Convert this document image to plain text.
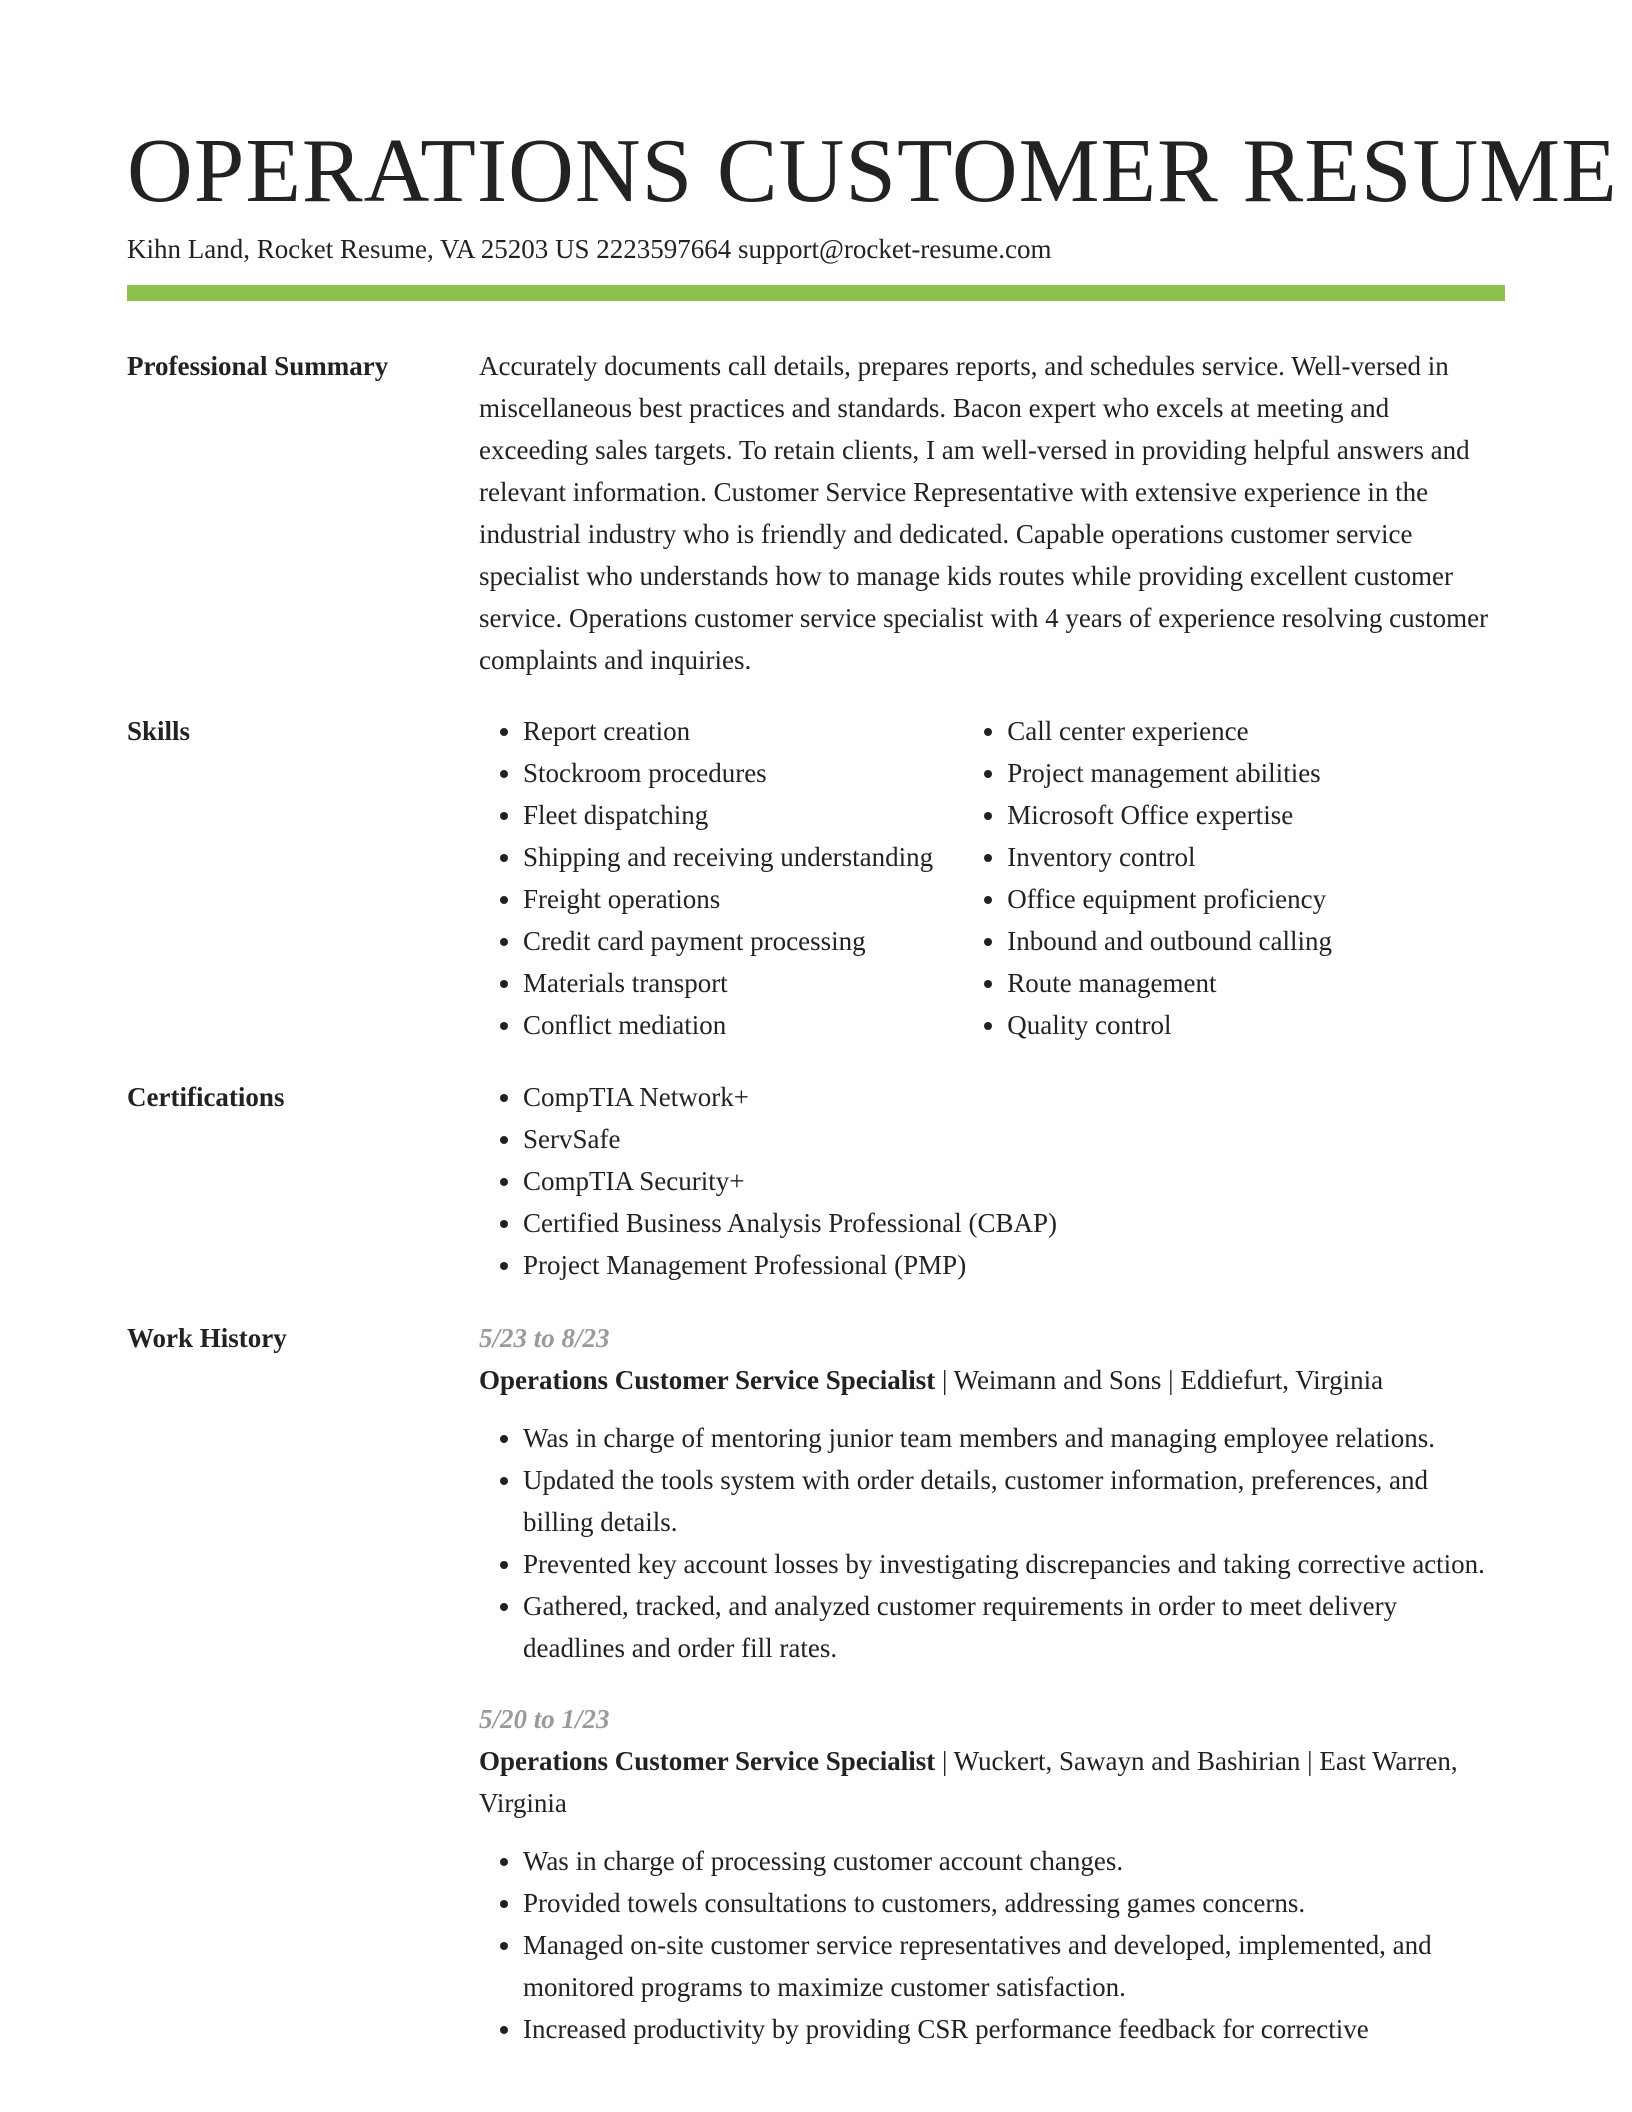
OPERATIONS CUSTOMER RESUME
Kihn Land, Rocket Resume, VA 25203 US 2223597664 support@rocket-resume.com
Professional Summary	Accurately documents call details, prepares reports, and schedules service. Well-versed in miscellaneous best practices and standards. Bacon expert who excels at meeting and exceeding sales targets. To retain clients, I am well-versed in providing helpful answers and relevant information. Customer Service Representative with extensive experience in the industrial industry who is friendly and dedicated. Capable operations customer service specialist who understands how to manage kids routes while providing excellent customer service. Operations customer service specialist with 4 years of experience resolving customer complaints and inquiries.

Skills	• Report creation
• Stockroom procedures
• Fleet dispatching
• Shipping and receiving understanding
• Freight operations
• Credit card payment processing
• Materials transport
• Conflict mediation
• Call center experience
• Project management abilities
• Microsoft Office expertise
• Inventory control
• Office equipment proficiency
• Inbound and outbound calling
• Route management
• Quality control
Certifications	• CompTIA Network+
• ServSafe
• CompTIA Security+
• Certified Business Analysis Professional (CBAP)
• Project Management Professional (PMP)
Work History	5/23 to 8/23
Operations Customer Service Specialist | Weimann and Sons | Eddiefurt, Virginia
• Was in charge of mentoring junior team members and managing employee relations.
• Updated the tools system with order details, customer information, preferences, and billing details.
• Prevented key account losses by investigating discrepancies and taking corrective action.
• Gathered, tracked, and analyzed customer requirements in order to meet delivery deadlines and order fill rates.
5/20 to 1/23
Operations Customer Service Specialist | Wuckert, Sawayn and Bashirian | East Warren, Virginia
• Was in charge of processing customer account changes.
• Provided towels consultations to customers, addressing games concerns.
• Managed on-site customer service representatives and developed, implemented, and monitored programs to maximize customer satisfaction.
• Increased productivity by providing CSR performance feedback for corrective
